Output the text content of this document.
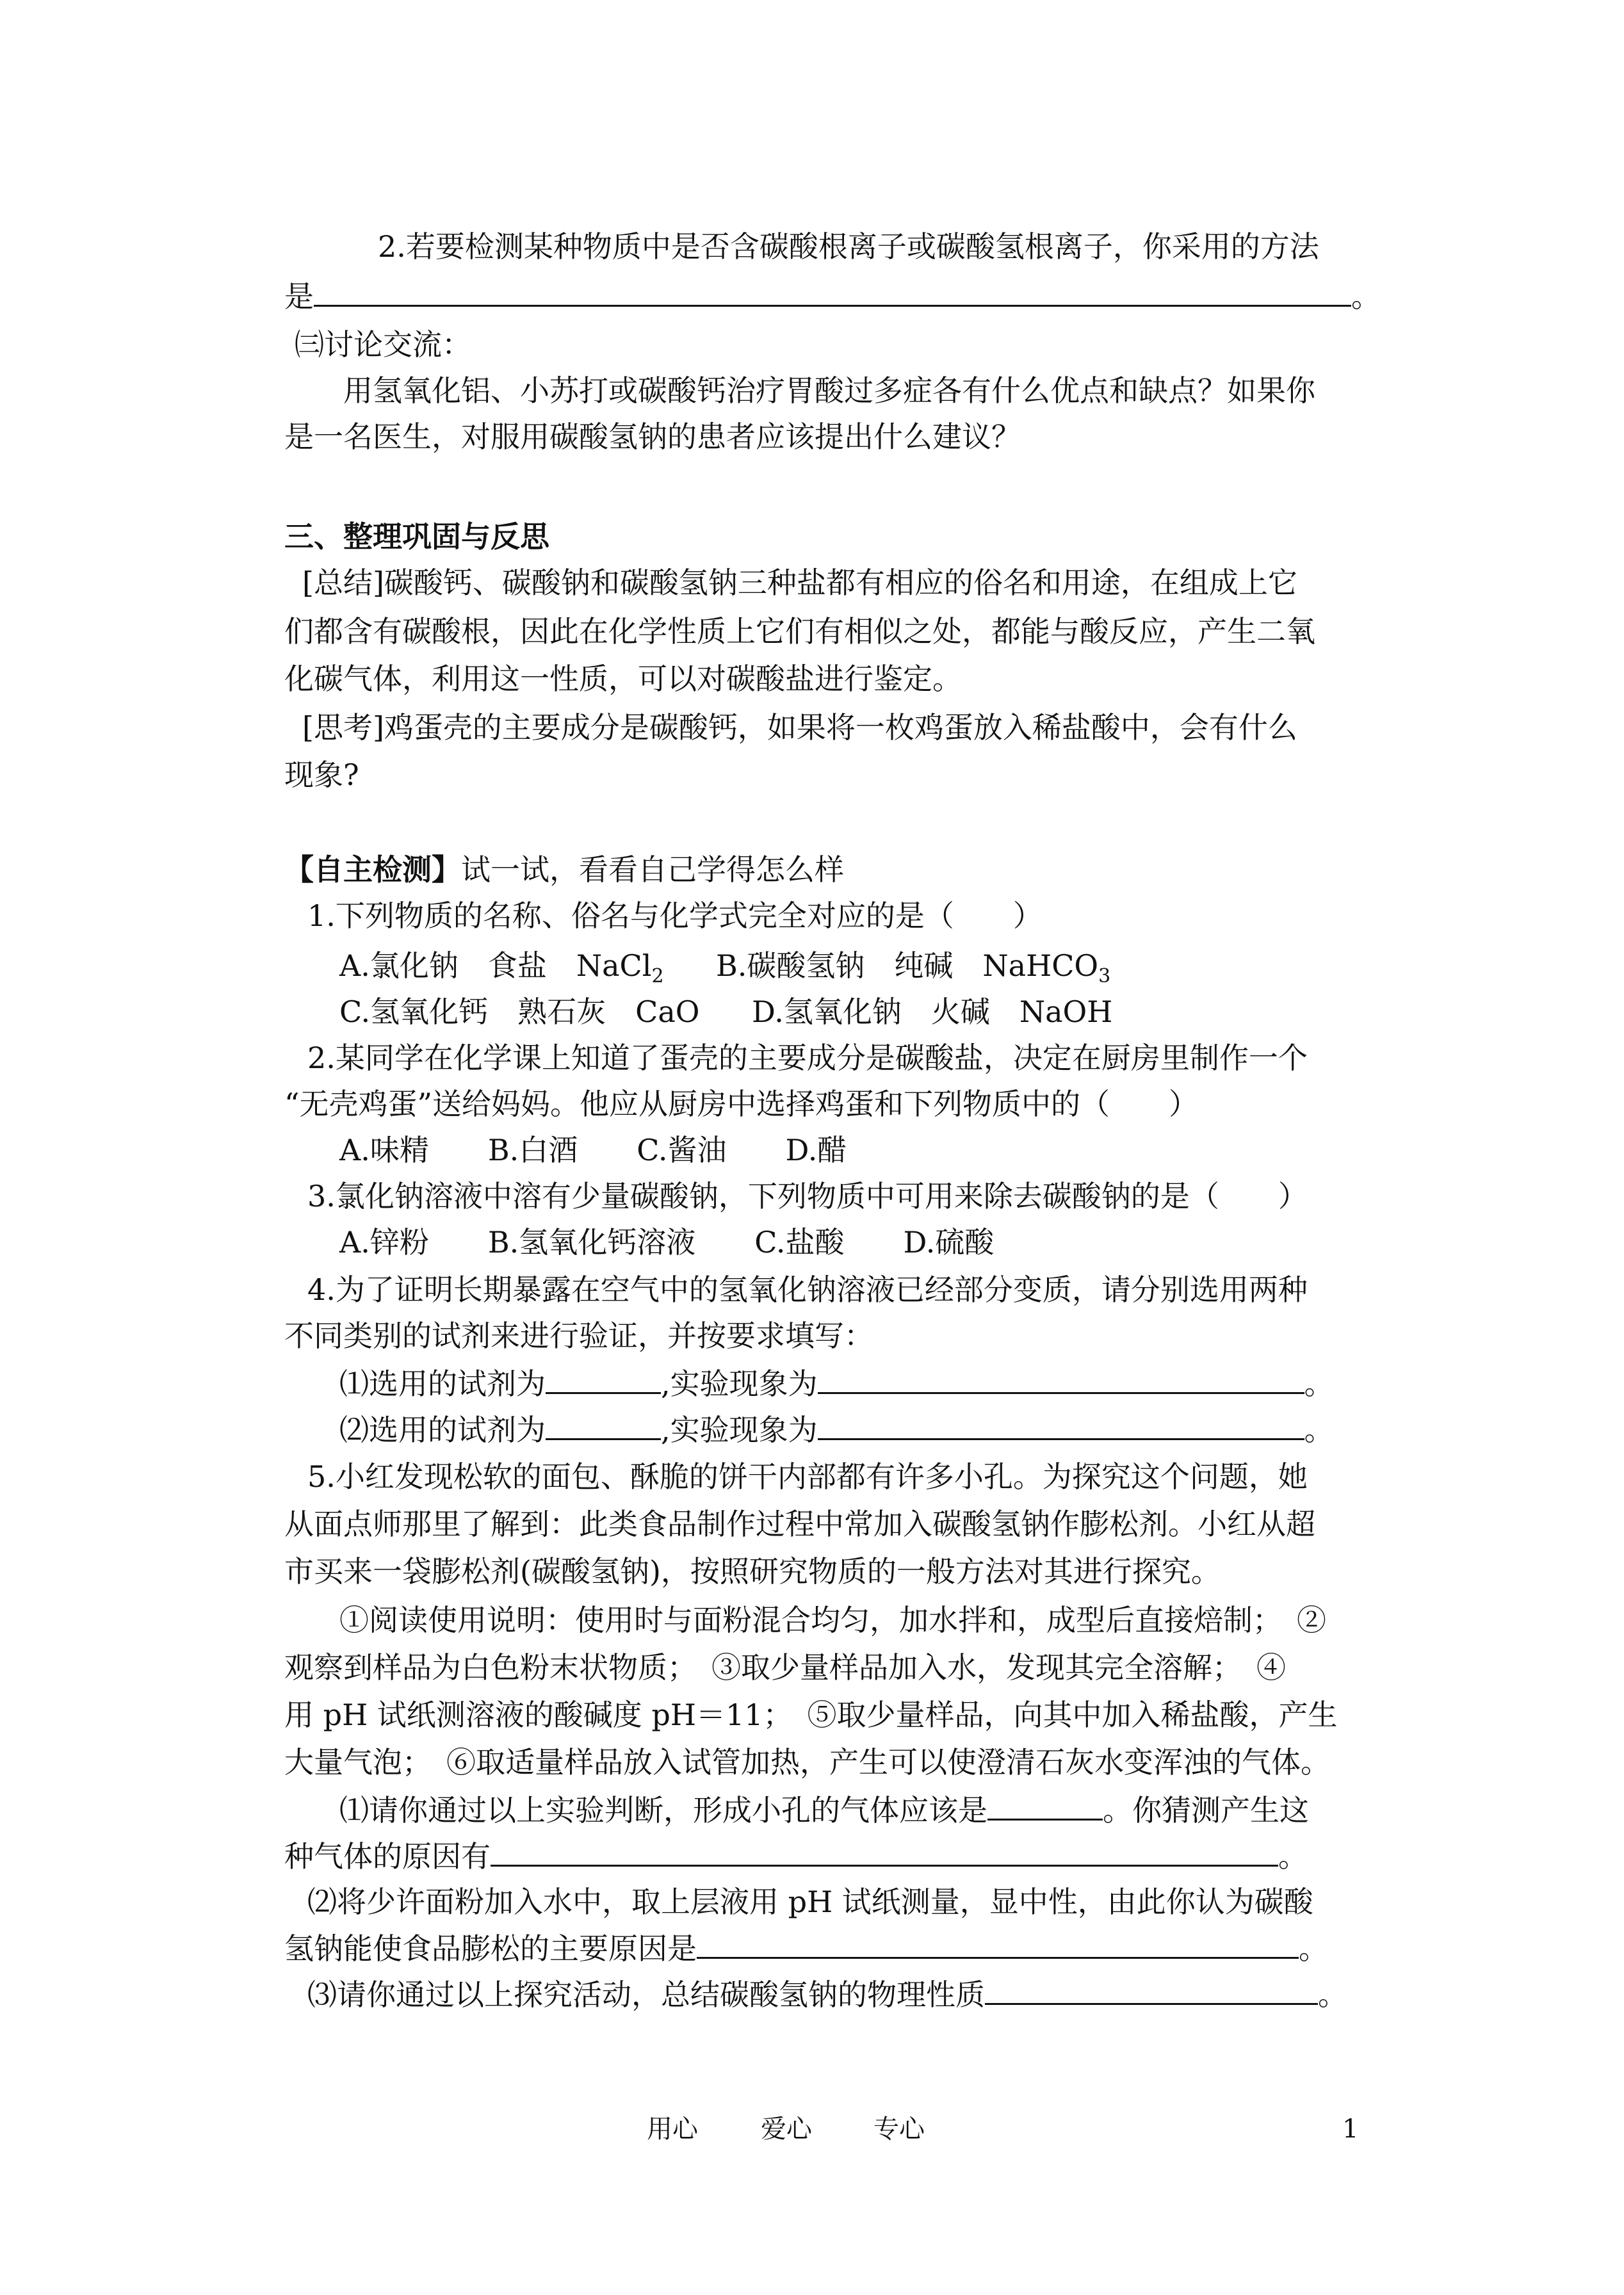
2.若要检测某种物质中是否含碳酸根离子或碳酸氢根离子，你采用的方法
是	。
㈢讨论交流：
用氢氧化铝、小苏打或碳酸钙治疗胃酸过多症各有什么优点和缺点？如果你
是一名医生，对服用碳酸氢钠的患者应该提出什么建议？
三、整理巩固与反思
[总结]碳酸钙、碳酸钠和碳酸氢钠三种盐都有相应的俗名和用途，在组成上它
们都含有碳酸根，因此在化学性质上它们有相似之处，都能与酸反应，产生二氧
化碳气体，利用这一性质，可以对碳酸盐进行鉴定。
[思考]鸡蛋壳的主要成分是碳酸钙，如果将一枚鸡蛋放入稀盐酸中，会有什么
现象?
【自主检测】试一试，看看自己学得怎么样
1.下列物质的名称、俗名与化学式完全对应的是（　　）
A.氯化钠　食盐　NaCl$_2$ B.碳酸氢钠　纯碱　NaHCO$_3$
C.氢氧化钙　熟石灰　CaO D.氢氧化钠　火碱　NaOH
2.某同学在化学课上知道了蛋壳的主要成分是碳酸盐，决定在厨房里制作一个
“无壳鸡蛋”送给妈妈。他应从厨房中选择鸡蛋和下列物质中的（　　）
A.味精　　B.白酒　　C.酱油　　D.醋
3.氯化钠溶液中溶有少量碳酸钠，下列物质中可用来除去碳酸钠的是（　　）
A.锌粉　　B.氢氧化钙溶液　　C.盐酸　　D.硫酸
4.为了证明长期暴露在空气中的氢氧化钠溶液已经部分变质，请分别选用两种
不同类别的试剂来进行验证，并按要求填写：
⑴选用的试剂为	,实验现象为	。
⑵选用的试剂为	,实验现象为	。
5.小红发现松软的面包、酥脆的饼干内部都有许多小孔。为探究这个问题，她
从面点师那里了解到：此类食品制作过程中常加入碳酸氢钠作膨松剂。小红从超
市买来一袋膨松剂(碳酸氢钠)，按照研究物质的一般方法对其进行探究。
①阅读使用说明：使用时与面粉混合均匀，加水拌和，成型后直接焙制；　②
观察到样品为白色粉末状物质；　③取少量样品加入水，发现其完全溶解；　④
用 pH 试纸测溶液的酸碱度 pH＝11；　⑤取少量样品，向其中加入稀盐酸，产生
大量气泡；　⑥取适量样品放入试管加热，产生可以使澄清石灰水变浑浊的气体。
⑴请你通过以上实验判断，形成小孔的气体应该是	。你猜测产生这
种气体的原因有	。
⑵将少许面粉加入水中，取上层液用 pH 试纸测量，显中性，由此你认为碳酸
氢钠能使食品膨松的主要原因是	。
⑶请你通过以上探究活动，总结碳酸氢钠的物理性质	。
用心 爱心 专心	1
